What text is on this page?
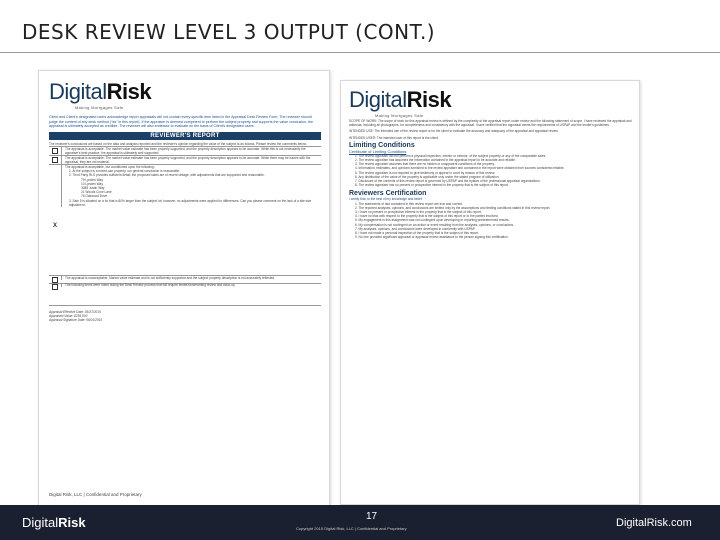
DESK REVIEW LEVEL 3 OUTPUT (CONT.)
DigitalRisk
Making Mortgages Safe
Client and Client's designated users acknowledge report appraisals will not contain every specific item listed in the Appraisal Desk Review Form. The reviewer should judge the content of any desk method ("as" in this report). If the appraiser is deemed competent to perform the subject property and supports the value conclusion, the appraisal is ultimately accepted as credible. The reviewer will also endeavor to evaluate on the basis of Client's designated users.
REVIEWER'S REPORT
The reviewer's conclusions are based on the data and analysis reported and the reviewer's opinion regarding the value of the subject is as follows. Please review the comments below.
The appraisal is acceptable. The market value estimate has been properly supported, and the property description appears to be accurate. While this is not necessarily the appraiser's best practice, the appraisal is ultimately well supported.
The appraisal is acceptable. The market value estimate has been properly supported, and the property description appears to be accurate. While there may be issues with the appraisal, they are not material.
X
The appraisal is acceptable, but conditioned upon the following:
1. At the subject is a mixed-use property, our general conclusion is reasonable.
2. Third Party RLS provides sufficient detail; the proposed sales are of recent vintage, with adjustments that are supported and reasonable.
79 Lynden Way
10 Lynden Way
3085 Justin Way
21 Woods Cove Lane
76 Oakwood Drive
3. Sale 5 is situated on a lot that is 80% larger than the subject lot; however, no adjustments were applied for differences. Can you please comment on the lack of a site size adjustment.
The appraisal is unacceptable. Market value estimate and is not sufficiently supported and the subject property description is not accurately reflected.
The following items were noted during the Desk Review process that will require lender/underwriting review and clear-up.
Appraisal Effective Date: 05/27/2015
Appraised Value: $255,000
Appraisal Signature Date: 06/01/2015
Digital Risk, LLC | Confidential and Proprietary
DigitalRisk
Making Mortgages Safe
SCOPE OF WORK: The scope of work for this appraisal review is defined by the complexity of the appraisal report under review and the following statement of scope. I have reviewed the appraisal and addenda, including all photographs, for completeness and consistency with the appraisal. I have verified that the appraisal meets the requirements of USPAP and the lender's guidelines.
INTENDED USE: The intended use of the review report is for the client to evaluate the accuracy and adequacy of the appraisal and appraisal review.
INTENDED USER: The intended user of this report is the client.
Limiting Conditions
Certificate of Limiting Conditions
1. The review appraiser did not perform a physical inspection, interior or exterior, of the subject property or any of the comparable sales.
2. The review appraiser has assumed the information contained in the appraisal report to be accurate and reliable.
3. The review appraiser assumes that there are no hidden or unapparent conditions of the property.
4. Information, estimates, and opinions furnished to the review appraiser and contained in the report were obtained from sources considered reliable.
5. The review appraiser is not required to give testimony or appear in court by reason of this review.
6. Any distribution of the value of the property is applicable only under the stated program of utilization.
7. Disclosure of the contents of this review report is governed by USPAP and the bylaws of the professional appraisal organizations.
8. The review appraiser has no present or prospective interest in the property that is the subject of this report.
Reviewers Certification
I certify that, to the best of my knowledge and belief:
1. The statements of fact contained in this review report are true and correct.
2. The reported analyses, opinions, and conclusions are limited only by the assumptions and limiting conditions stated in this review report.
3. I have no present or prospective interest in the property that is the subject of this report.
4. I have no bias with respect to the property that is the subject of this report or to the parties involved.
5. My engagement in this assignment was not contingent upon developing or reporting predetermined results.
6. My compensation is not contingent on an action or event resulting from the analyses, opinions, or conclusions.
7. My analyses, opinions, and conclusions were developed in conformity with USPAP.
8. I have not made a personal inspection of the property that is the subject of this report.
9. No one provided significant appraisal or appraisal review assistance to the person signing this certification.
DigitalRisk	17
Copyright 2015 Digital Risk, LLC | Confidential and Proprietary	DigitalRisk.com
